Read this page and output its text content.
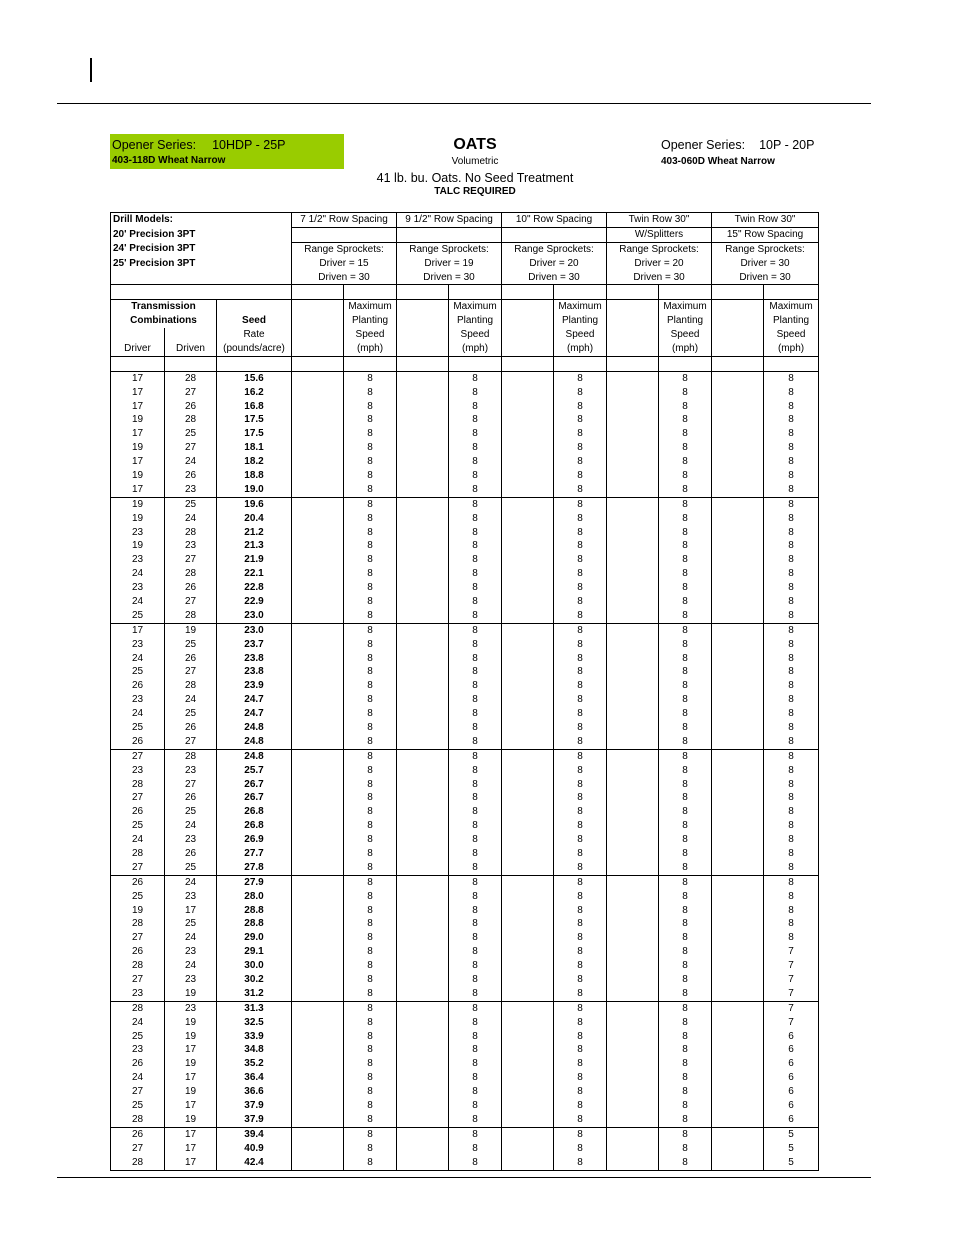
Opener Series: 10HDP - 25P
403-118D Wheat Narrow
OATS
Volumetric
41 lb. bu. Oats. No Seed Treatment
TALC REQUIRED
Opener Series: 10P - 20P
403-060D Wheat Narrow
Drill Models:			7 1/2" Row Spacing		9 1/2" Row Spacing		10" Row Spacing		Twin Row 30"		Twin Row 30"	
20' Precision 3PT									W/Splitters		15" Row Spacing	
24' Precision 3PT			Range Sprockets:		Range Sprockets:		Range Sprockets:		Range Sprockets:		Range Sprockets:	
25' Precision 3PT			Driver = 15		Driver = 19		Driver = 20		Driver = 20		Driver = 30	
			Driven = 30		Driven = 30		Driven = 30		Driven = 30		Driven = 30	

Transmission				Maximum		Maximum		Maximum		Maximum		Maximum
Combinations		Seed		Planting		Planting		Planting		Planting		Planting
		Rate		Speed		Speed		Speed		Speed		Speed
Driver	Driven	(pounds/acre)		(mph)		(mph)		(mph)		(mph)		(mph)

17	28	15.6		8		8		8		8		8
17	27	16.2		8		8		8		8		8
17	26	16.8		8		8		8		8		8
19	28	17.5		8		8		8		8		8
17	25	17.5		8		8		8		8		8
19	27	18.1		8		8		8		8		8
17	24	18.2		8		8		8		8		8
19	26	18.8		8		8		8		8		8
17	23	19.0		8		8		8		8		8
19	25	19.6		8		8		8		8		8
19	24	20.4		8		8		8		8		8
23	28	21.2		8		8		8		8		8
19	23	21.3		8		8		8		8		8
23	27	21.9		8		8		8		8		8
24	28	22.1		8		8		8		8		8
23	26	22.8		8		8		8		8		8
24	27	22.9		8		8		8		8		8
25	28	23.0		8		8		8		8		8
17	19	23.0		8		8		8		8		8
23	25	23.7		8		8		8		8		8
24	26	23.8		8		8		8		8		8
25	27	23.8		8		8		8		8		8
26	28	23.9		8		8		8		8		8
23	24	24.7		8		8		8		8		8
24	25	24.7		8		8		8		8		8
25	26	24.8		8		8		8		8		8
26	27	24.8		8		8		8		8		8
27	28	24.8		8		8		8		8		8
23	23	25.7		8		8		8		8		8
28	27	26.7		8		8		8		8		8
27	26	26.7		8		8		8		8		8
26	25	26.8		8		8		8		8		8
25	24	26.8		8		8		8		8		8
24	23	26.9		8		8		8		8		8
28	26	27.7		8		8		8		8		8
27	25	27.8		8		8		8		8		8
26	24	27.9		8		8		8		8		8
25	23	28.0		8		8		8		8		8
19	17	28.8		8		8		8		8		8
28	25	28.8		8		8		8		8		8
27	24	29.0		8		8		8		8		8
26	23	29.1		8		8		8		8		7
28	24	30.0		8		8		8		8		7
27	23	30.2		8		8		8		8		7
23	19	31.2		8		8		8		8		7
28	23	31.3		8		8		8		8		7
24	19	32.5		8		8		8		8		7
25	19	33.9		8		8		8		8		6
23	17	34.8		8		8		8		8		6
26	19	35.2		8		8		8		8		6
24	17	36.4		8		8		8		8		6
27	19	36.6		8		8		8		8		6
25	17	37.9		8		8		8		8		6
28	19	37.9		8		8		8		8		6
26	17	39.4		8		8		8		8		5
27	17	40.9		8		8		8		8		5
28	17	42.4		8		8		8		8		5
